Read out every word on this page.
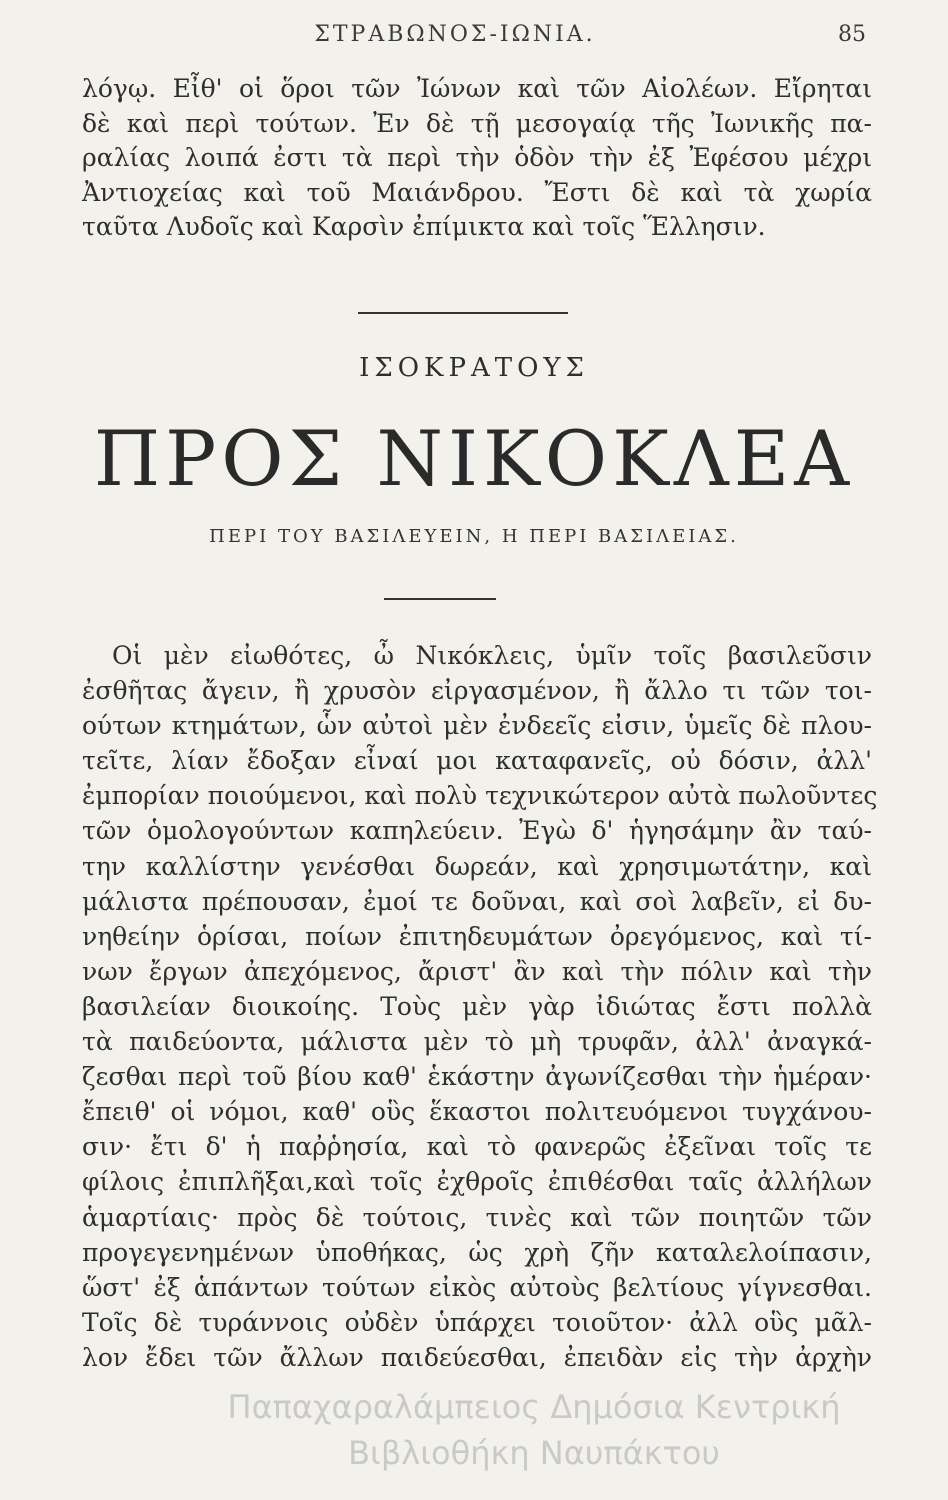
ΣΤΡΑΒΩΝΟΣ-ΙΩΝΙΑ.	85
λόγῳ. Εἶθ' οἱ ὅροι τῶν Ἰώνων καὶ τῶν Αἰολέων. Εἴρηται
δὲ καὶ περὶ τούτων. Ἐν δὲ τῇ μεσογαίᾳ τῆς Ἰωνικῆς πα-
ραλίας λοιπά ἐστι τὰ περὶ τὴν ὁδὸν τὴν ἐξ Ἐφέσου μέχρι
Ἀντιοχείας καὶ τοῦ Μαιάνδρου. Ἔστι δὲ καὶ τὰ χωρία
ταῦτα Λυδοῖς καὶ Καρσὶν ἐπίμικτα καὶ τοῖς Ἕλλησιν.
ΙΣΟΚΡΑΤΟΥΣ
ΠΡΟΣ ΝΙΚΟΚΛΕΑ
ΠΕΡΙ ΤΟΥ ΒΑΣΙΛΕΥΕΙΝ, Η ΠΕΡΙ ΒΑΣΙΛΕΙΑΣ.
Οἱ μὲν εἰωθότες, ὦ Νικόκλεις, ὑμῖν τοῖς βασιλεῦσιν
ἐσθῆτας ἄγειν, ἢ χρυσὸν εἰργασμένον, ἢ ἄλλο τι τῶν τοι-
ούτων κτημάτων, ὧν αὐτοὶ μὲν ἐνδεεῖς εἰσιν, ὑμεῖς δὲ πλου-
τεῖτε, λίαν ἔδοξαν εἶναί μοι καταφανεῖς, οὐ δόσιν, ἀλλ'
ἐμπορίαν ποιούμενοι, καὶ πολὺ τεχνικώτερον αὐτὰ πωλοῦντες
τῶν ὁμολογούντων καπηλεύειν. Ἐγὼ δ' ἡγησάμην ἂν ταύ-
την καλλίστην γενέσθαι δωρεάν, καὶ χρησιμωτάτην, καὶ
μάλιστα πρέπουσαν, ἐμοί τε δοῦναι, καὶ σοὶ λαβεῖν, εἰ δυ-
νηθείην ὁρίσαι, ποίων ἐπιτηδευμάτων ὀρεγόμενος, καὶ τί-
νων ἔργων ἀπεχόμενος, ἄριστ' ἂν καὶ τὴν πόλιν καὶ τὴν
βασιλείαν διοικοίης. Τοὺς μὲν γὰρ ἰδιώτας ἔστι πολλὰ
τὰ παιδεύοντα, μάλιστα μὲν τὸ μὴ τρυφᾶν, ἀλλ' ἀναγκά-
ζεσθαι περὶ τοῦ βίου καθ' ἑκάστην ἀγωνίζεσθαι τὴν ἡμέραν·
ἔπειθ' οἱ νόμοι, καθ' οὓς ἕκαστοι πολιτευόμενοι τυγχάνου-
σιν· ἔτι δ' ἡ παῤῥησία, καὶ τὸ φανερῶς ἐξεῖναι τοῖς τε
φίλοις ἐπιπλῆξαι,καὶ τοῖς ἐχθροῖς ἐπιθέσθαι ταῖς ἀλλήλων
ἁμαρτίαις· πρὸς δὲ τούτοις, τινὲς καὶ τῶν ποιητῶν τῶν
προγεγενημένων ὑποθήκας, ὡς χρὴ ζῆν καταλελοίπασιν,
ὥστ' ἐξ ἁπάντων τούτων εἰκὸς αὐτοὺς βελτίους γίγνεσθαι.
Τοῖς δὲ τυράννοις οὐδὲν ὑπάρχει τοιοῦτον· ἀλλ οὓς μᾶλ-
λον ἔδει τῶν ἄλλων παιδεύεσθαι, ἐπειδὰν εἰς τὴν ἀρχὴν
Παπαχαραλάμπειος Δημόσια Κεντρική
Βιβλιοθήκη Ναυπάκτου
